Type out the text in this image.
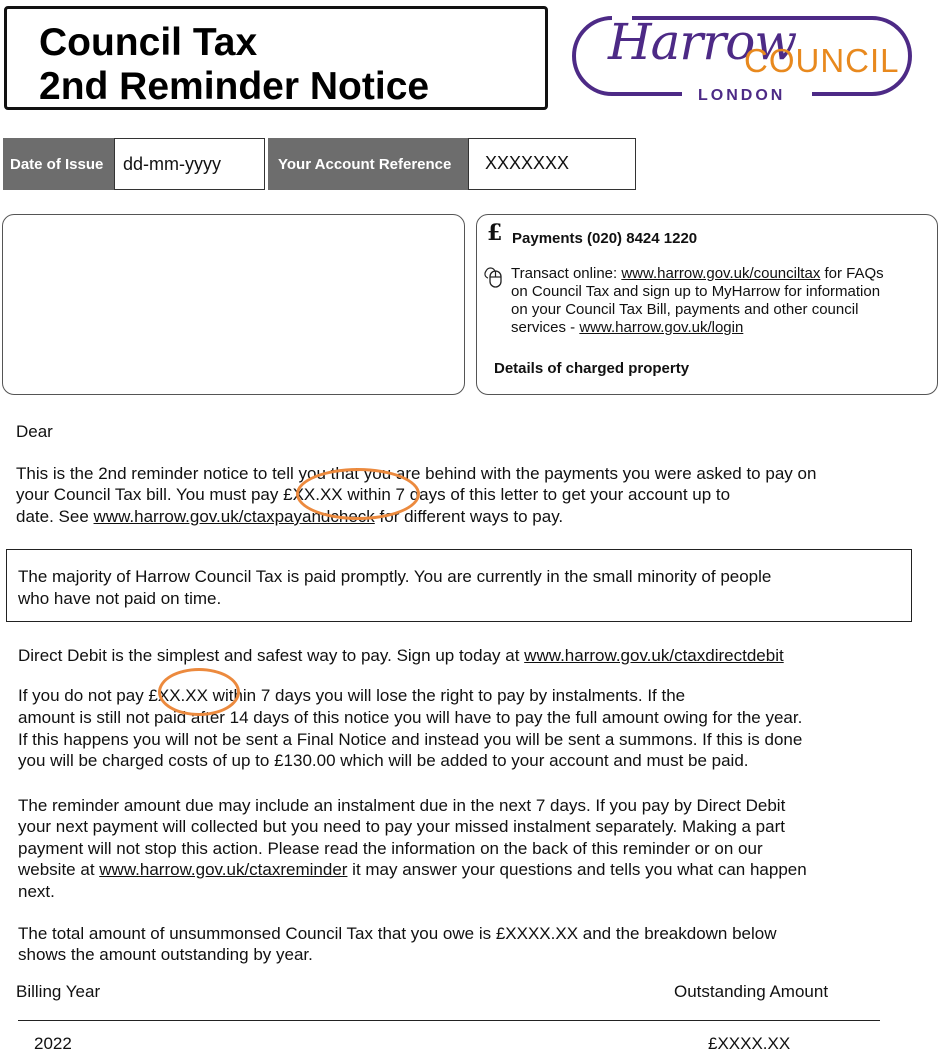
Council Tax
2nd Reminder Notice
Harrow
COUNCIL
LONDON
Date of Issue	dd-mm-yyyy	Your Account Reference	XXXXXXX
£ Payments (020) 8424 1220
Transact online: www.harrow.gov.uk/counciltax for FAQs
on Council Tax and sign up to MyHarrow for information
on your Council Tax Bill, payments and other council
services - www.harrow.gov.uk/login
Details of charged property
Dear
This is the 2nd reminder notice to tell you that you are behind with the payments you were asked to pay on
your Council Tax bill. You must pay £XX.XX within 7 days of this letter to get your account up to
date. See www.harrow.gov.uk/ctaxpayandcheck for different ways to pay.
The majority of Harrow Council Tax is paid promptly. You are currently in the small minority of people
who have not paid on time.
Direct Debit is the simplest and safest way to pay. Sign up today at www.harrow.gov.uk/ctaxdirectdebit
If you do not pay £XX.XX within 7 days you will lose the right to pay by instalments. If the
amount is still not paid after 14 days of this notice you will have to pay the full amount owing for the year.
If this happens you will not be sent a Final Notice and instead you will be sent a summons. If this is done
you will be charged costs of up to £130.00 which will be added to your account and must be paid.
The reminder amount due may include an instalment due in the next 7 days. If you pay by Direct Debit
your next payment will collected but you need to pay your missed instalment separately. Making a part
payment will not stop this action. Please read the information on the back of this reminder or on our
website at www.harrow.gov.uk/ctaxreminder it may answer your questions and tells you what can happen
next.
The total amount of unsummonsed Council Tax that you owe is £XXXX.XX and the breakdown below
shows the amount outstanding by year.
Billing Year	Outstanding Amount
2022	£XXXX.XX
